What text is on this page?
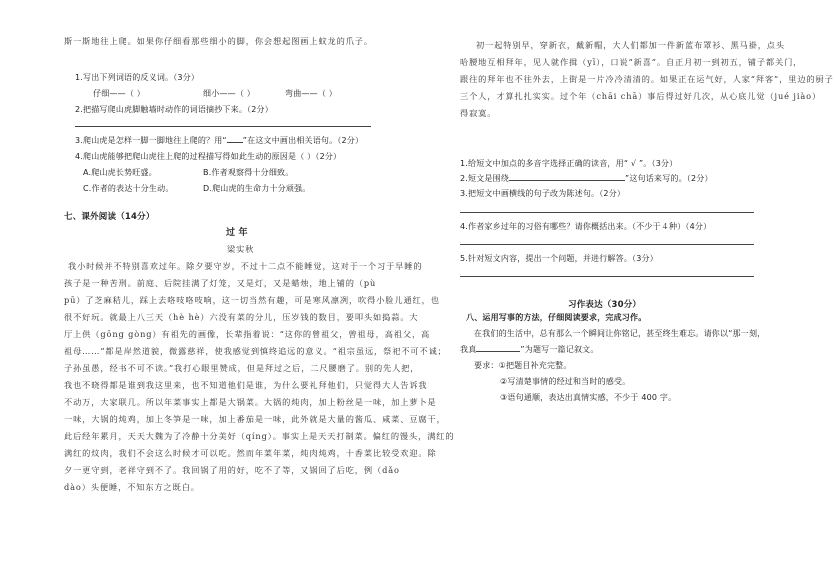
斯一斯地往上爬。如果你仔细看那些细小的脚，你会想起图画上蚊龙的爪子。
1.写出下列词语的反义词。（3分）
仔细——（ ）	细小——（ ）	弯曲——（ ）
2.把描写爬山虎脚触墙时动作的词语摘抄下来。（2分）
3.爬山虎是怎样一脚一脚地往上爬的？用“ ”在这文中画出相关语句。（2分）
4.爬山虎能够把爬山虎往上爬的过程描写得如此生动的原因是（ ）（2分）
A.爬山虎长势旺盛。	B.作者观察得十分细致。
C.作者的表达十分生动。	D.爬山虎的生命力十分顽强。
七、课外阅读（14分）
过 年
梁实秋
我小时候并不特别喜欢过年。除夕要守岁，不过十二点不能睡觉，这对于一个习于早睡的
孩子是一种苦刑。前庭、后院挂满了灯笼，又是灯，又是蜡烛，地上铺的（pù
pū）了芝麻秸儿，踩上去咯吱咯吱响，这一切当然有趣，可是寒风凛冽，吹得小脸儿通红，也
很不好玩。就最上八三天（hè hè）六没有菜的分儿，压岁钱的数目，要叩头如捣蒜。大
厅上供（gōng gòng）有祖先的画像，长辈指着说：“这你的曾祖父，曾祖母，高祖父，高
祖母……”都是岸然道貌，微露慈祥，使我感觉到慎终追远的意义。“祖宗虽远，祭祀不可不诚；
子孙虽愚，经书不可不读。”我打心眼里赞成，但是拜过之后，二尺腰磨了。别的先人把，
我也不晓得都是谁到我这里来，也不知道他们是谁，为什么要礼拜他们，只觉得大人告诉我
不动万，大家联几。所以年菜事实上都是大锅菜。大锅的炖肉，加上粉丝是一味，加上萝卜是
一味，大锅的炖鸡，加上冬笋是一味，加上番茄是一味，此外就是大量的酱瓜、咸菜、豆腐干，
此后经年累月，天天大魏为了冷静十分美好（qíng）。事实上是天天打制菜。偏红的馒头，满红的
满红的炆肉，我们不会这么时候才可以吃。然而年菜年菜，炖肉炖鸡，十香菜比较受欢迎。除
夕一更守到，老祥守到不了。我回锅了用的好，吃不了等，又锅回了后吃，例（dǎo
dào）头便睡，不知东方之既白。
初一起特别早，穿新衣，戴新帽，大人们都加一件新蓝布罩衫、黑马褂，点头
哈腰地互相拜年，见人就作揖（yī），口说“新喜”。自正月初一到初五，铺子都关门，
跟往的拜年也不往外去，上街是一片冷冷清清的。如果正在运气好，人家“拜客”，里边的厨子
三个人，才算扎扎实实。过个年（chāi chā）事后得过好几次，从心底儿觉（jué jiào）
得寂寞。
1.给短文中加点的多音字选择正确的读音，用“ √ ”。（3分）
2.短文是围绕	”这句话来写的。（2分）
3.把短文中画横线的句子改为陈述句。（2分）
4.作者家乡过年的习俗有哪些？请你概括出来。（不少于４种）（4分）
5.针对短文内容，提出一个问题，并进行解答。（3分）
习作表达（30分）
八、运用写事的方法，仔细阅读要求，完成习作。
在我们的生活中，总有那么一个瞬间让你铭记，甚至终生难忘。请你以“那一刻，
我真	”为题写一篇记叙文。
要求：①把题目补充完整。
②写清楚事情的经过和当时的感受。
③语句通顺，表达出真情实感，不少于 400 字。
